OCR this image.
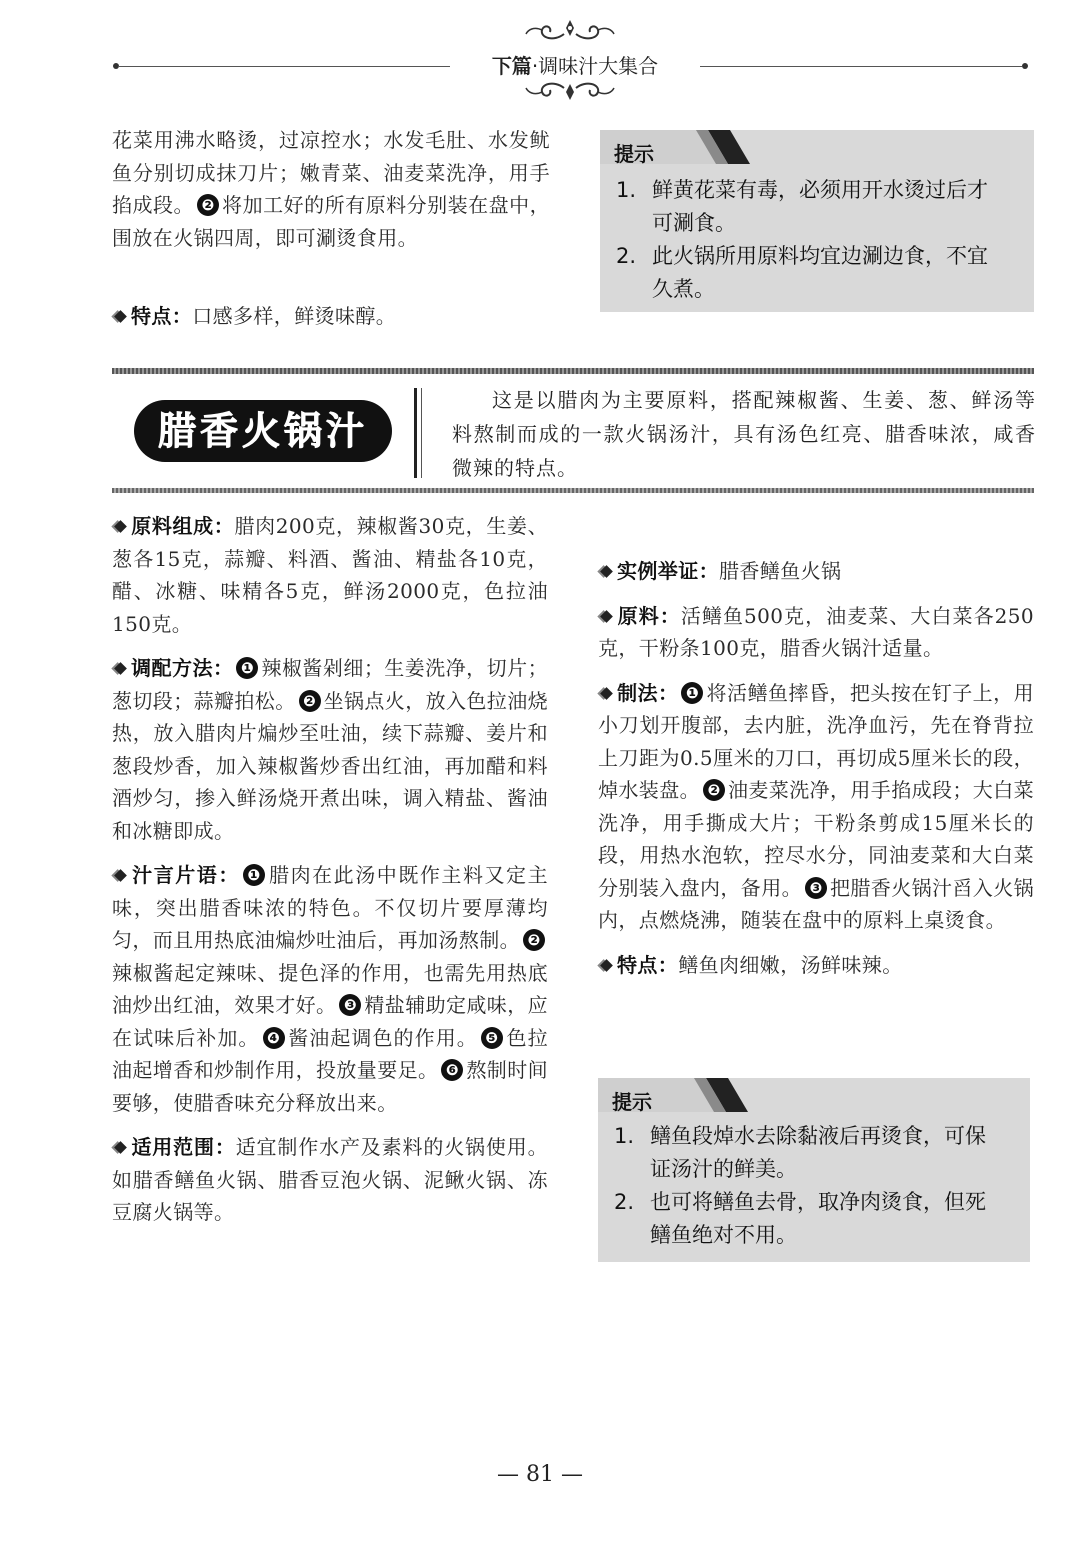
下篇·调味汁大集合
花菜用沸水略烫，过凉控水；水发毛肚、水发鱿鱼分别切成抹刀片；嫩青菜、油麦菜洗净，用手掐成段。 ❷ 将加工好的所有原料分别装在盘中，围放在火锅四周，即可涮烫食用。
特点：口感多样，鲜烫味醇。
提示
1. 鲜黄花菜有毒，必须用开水烫过后才
可涮食。
2. 此火锅所用原料均宜边涮边食，不宜
久煮。
腊香火锅汁
这是以腊肉为主要原料，搭配辣椒酱、生姜、葱、鲜汤等料熬制而成的一款火锅汤汁，具有汤色红亮、腊香味浓，咸香微辣的特点。
原料组成：腊肉200克，辣椒酱30克，生姜、葱各15克，蒜瓣、料酒、酱油、精盐各10克，醋、冰糖、味精各5克，鲜汤2000克，色拉油150克。
调配方法： ❶ 辣椒酱剁细；生姜洗净，切片；葱切段；蒜瓣拍松。 ❷ 坐锅点火，放入色拉油烧热，放入腊肉片煸炒至吐油，续下蒜瓣、姜片和葱段炒香，加入辣椒酱炒香出红油，再加醋和料酒炒匀，掺入鲜汤烧开煮出味，调入精盐、酱油和冰糖即成。
汁言片语： ❶ 腊肉在此汤中既作主料又定主味，突出腊香味浓的特色。不仅切片要厚薄均匀，而且用热底油煸炒吐油后，再加汤熬制。 ❷辣椒酱起定辣味、提色泽的作用，也需先用热底油炒出红油，效果才好。 ❸ 精盐辅助定咸味，应在试味后补加。 ❹ 酱油起调色的作用。 ❺ 色拉油起增香和炒制作用，投放量要足。 ❻ 熬制时间要够，使腊香味充分释放出来。
适用范围：适宜制作水产及素料的火锅使用。如腊香鳝鱼火锅、腊香豆泡火锅、泥鳅火锅、冻豆腐火锅等。
实例举证：腊香鳝鱼火锅
原料：活鳝鱼500克，油麦菜、大白菜各250克，干粉条100克，腊香火锅汁适量。
制法： ❶ 将活鳝鱼摔昏，把头按在钉子上，用小刀划开腹部，去内脏，洗净血污，先在脊背拉上刀距为0.5厘米的刀口，再切成5厘米长的段，焯水装盘。 ❷ 油麦菜洗净，用手掐成段；大白菜洗净，用手撕成大片；干粉条剪成15厘米长的段，用热水泡软，控尽水分，同油麦菜和大白菜分别装入盘内，备用。 ❸ 把腊香火锅汁舀入火锅内，点燃烧沸，随装在盘中的原料上桌烫食。
特点：鳝鱼肉细嫩，汤鲜味辣。
提示
1. 鳝鱼段焯水去除黏液后再烫食，可保
证汤汁的鲜美。
2. 也可将鳝鱼去骨，取净肉烫食，但死
鳝鱼绝对不用。
— 81 —
